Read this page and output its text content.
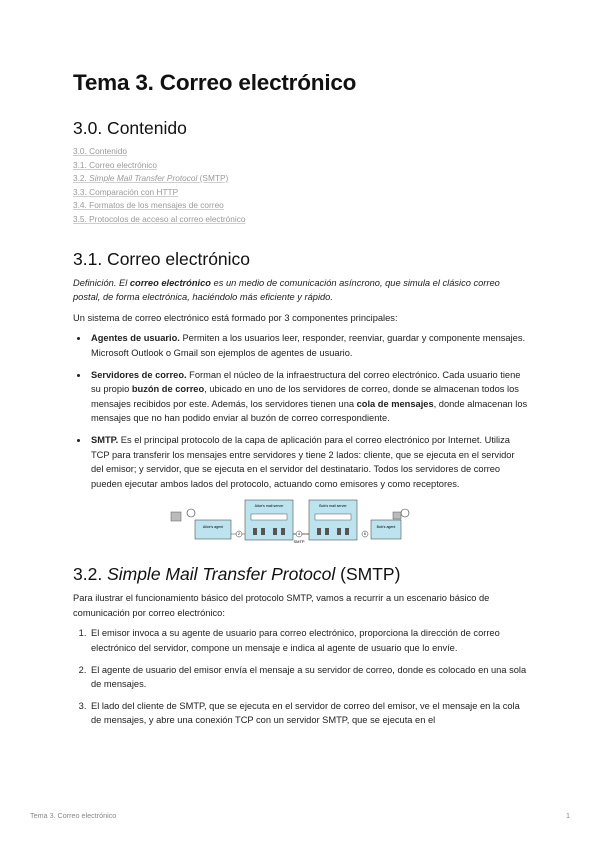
Tema 3. Correo electrónico
3.0. Contenido
3.0. Contenido
3.1. Correo electrónico
3.2. Simple Mail Transfer Protocol (SMTP)
3.3. Comparación con HTTP
3.4. Formatos de los mensajes de correo
3.5. Protocolos de acceso al correo electrónico
3.1. Correo electrónico

Definición. El correo electrónico es un medio de comunicación asíncrono, que simula el clásico correo postal, de forma electrónica, haciéndolo más eficiente y rápido.

Un sistema de correo electrónico está formado por 3 componentes principales:

• Agentes de usuario. Permiten a los usuarios leer, responder, reenviar, guardar y componente mensajes. Microsoft Outlook o Gmail son ejemplos de agentes de usuario.
• Servidores de correo. Forman el núcleo de la infraestructura del correo electrónico. Cada usuario tiene su propio buzón de correo, ubicado en uno de los servidores de correo, donde se almacenan todos los mensajes recibidos por este. Además, los servidores tienen una cola de mensajes, donde almacenan los mensajes que no han podido enviar al buzón de correo correspondiente.
• SMTP. Es el principal protocolo de la capa de aplicación para el correo electrónico por Internet. Utiliza TCP para transferir los mensajes entre servidores y tiene 2 lados: cliente, que se ejecuta en el servidor del emisor; y servidor, que se ejecuta en el servidor del destinatario. Todos los servidores de correo pueden ejecutar ambos lados del protocolo, actuando como emisores y como receptores.
Alice's agent
Alice's mail server
4
SMTP
Bob's mail server
2	6
Bob's agent
3.2. Simple Mail Transfer Protocol (SMTP)

Para ilustrar el funcionamiento básico del protocolo SMTP, vamos a recurrir a un escenario básico de comunicación por correo electrónico:

1. El emisor invoca a su agente de usuario para correo electrónico, proporciona la dirección de correo electrónico del servidor, compone un mensaje e indica al agente de usuario que lo envíe.
2. El agente de usuario del emisor envía el mensaje a su servidor de correo, donde es colocado en una sola de mensajes.
3. El lado del cliente de SMTP, que se ejecuta en el servidor de correo del emisor, ve el mensaje en la cola de mensajes, y abre una conexión TCP con un servidor SMTP, que se ejecuta en el
Tema 3. Correo electrónico	1
